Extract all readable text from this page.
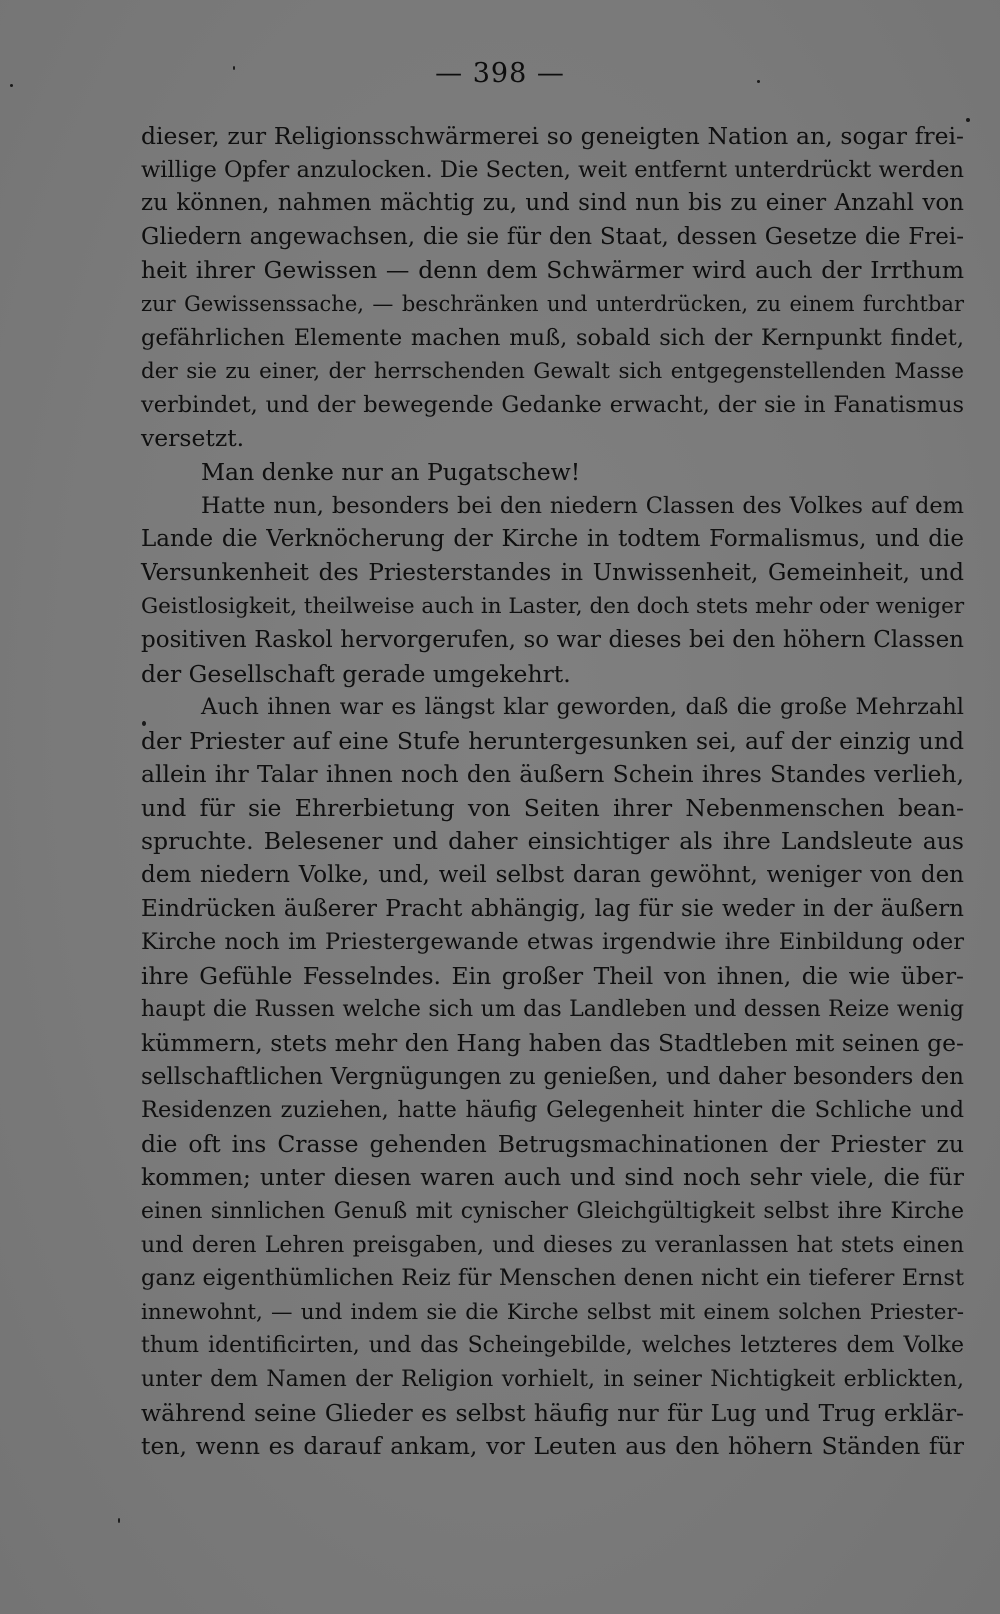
— 398 —
dieser, zur Religionsschwärmerei so geneigten Nation an, sogar frei-
willige Opfer anzulocken. Die Secten, weit entfernt unterdrückt werden
zu können, nahmen mächtig zu, und sind nun bis zu einer Anzahl von
Gliedern angewachsen, die sie für den Staat, dessen Gesetze die Frei-
heit ihrer Gewissen — denn dem Schwärmer wird auch der Irrthum
zur Gewissenssache, — beschränken und unterdrücken, zu einem furchtbar
gefährlichen Elemente machen muß, sobald sich der Kernpunkt findet,
der sie zu einer, der herrschenden Gewalt sich entgegenstellenden Masse
verbindet, und der bewegende Gedanke erwacht, der sie in Fanatismus
versetzt.
Man denke nur an Pugatschew!
Hatte nun, besonders bei den niedern Classen des Volkes auf dem
Lande die Verknöcherung der Kirche in todtem Formalismus, und die
Versunkenheit des Priesterstandes in Unwissenheit, Gemeinheit, und
Geistlosigkeit, theilweise auch in Laster, den doch stets mehr oder weniger
positiven Raskol hervorgerufen, so war dieses bei den höhern Classen
der Gesellschaft gerade umgekehrt.
Auch ihnen war es längst klar geworden, daß die große Mehrzahl
der Priester auf eine Stufe heruntergesunken sei, auf der einzig und
allein ihr Talar ihnen noch den äußern Schein ihres Standes verlieh,
und für sie Ehrerbietung von Seiten ihrer Nebenmenschen bean-
spruchte. Belesener und daher einsichtiger als ihre Landsleute aus
dem niedern Volke, und, weil selbst daran gewöhnt, weniger von den
Eindrücken äußerer Pracht abhängig, lag für sie weder in der äußern
Kirche noch im Priestergewande etwas irgendwie ihre Einbildung oder
ihre Gefühle Fesselndes. Ein großer Theil von ihnen, die wie über-
haupt die Russen welche sich um das Landleben und dessen Reize wenig
kümmern, stets mehr den Hang haben das Stadtleben mit seinen ge-
sellschaftlichen Vergnügungen zu genießen, und daher besonders den
Residenzen zuziehen, hatte häufig Gelegenheit hinter die Schliche und
die oft ins Crasse gehenden Betrugsmachinationen der Priester zu
kommen; unter diesen waren auch und sind noch sehr viele, die für
einen sinnlichen Genuß mit cynischer Gleichgültigkeit selbst ihre Kirche
und deren Lehren preisgaben, und dieses zu veranlassen hat stets einen
ganz eigenthümlichen Reiz für Menschen denen nicht ein tieferer Ernst
innewohnt, — und indem sie die Kirche selbst mit einem solchen Priester-
thum identificirten, und das Scheingebilde, welches letzteres dem Volke
unter dem Namen der Religion vorhielt, in seiner Nichtigkeit erblickten,
während seine Glieder es selbst häufig nur für Lug und Trug erklär-
ten, wenn es darauf ankam, vor Leuten aus den höhern Ständen für
